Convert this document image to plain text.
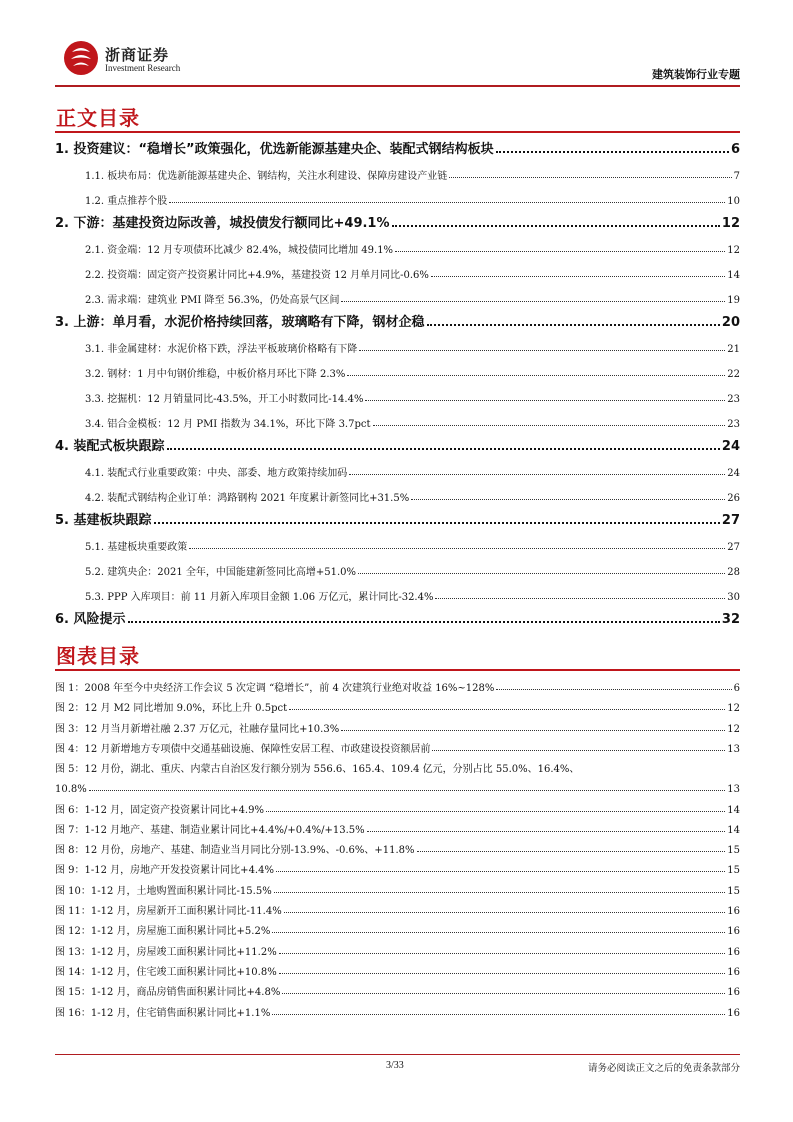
浙商证券
Investment Research	建筑装饰行业专题
正文目录
1. 投资建议：“稳增长”政策强化，优选新能源基建央企、装配式钢结构板块	6
1.1. 板块布局：优选新能源基建央企、钢结构，关注水利建设、保障房建设产业链	7
1.2. 重点推荐个股	10
2. 下游：基建投资边际改善，城投债发行额同比+49.1%	12
2.1. 资金端：12 月专项债环比减少 82.4%，城投债同比增加 49.1%	12
2.2. 投资端：固定资产投资累计同比+4.9%，基建投资 12 月单月同比-0.6%	14
2.3. 需求端：建筑业 PMI 降至 56.3%，仍处高景气区间	19
3. 上游：单月看，水泥价格持续回落，玻璃略有下降，钢材企稳	20
3.1. 非金属建材：水泥价格下跌，浮法平板玻璃价格略有下降	21
3.2. 钢材：1 月中旬钢价维稳，中板价格月环比下降 2.3%	22
3.3. 挖掘机：12 月销量同比-43.5%，开工小时数同比-14.4%	23
3.4. 铝合金模板：12 月 PMI 指数为 34.1%，环比下降 3.7pct	23
4. 装配式板块跟踪	24
4.1. 装配式行业重要政策：中央、部委、地方政策持续加码	24
4.2. 装配式钢结构企业订单：鸿路钢构 2021 年度累计新签同比+31.5%	26
5. 基建板块跟踪	27
5.1. 基建板块重要政策	27
5.2. 建筑央企：2021 全年，中国能建新签同比高增+51.0%	28
5.3. PPP 入库项目：前 11 月新入库项目金额 1.06 万亿元，累计同比-32.4%	30
6. 风险提示	32
图表目录
图 1：2008 年至今中央经济工作会议 5 次定调 “稳增长”，前 4 次建筑行业绝对收益 16%~128%	6
图 2：12 月 M2 同比增加 9.0%，环比上升 0.5pct	12
图 3：12 月当月新增社融 2.37 万亿元，社融存量同比+10.3%	12
图 4：12 月新增地方专项债中交通基础设施、保障性安居工程、市政建设投资额居前	13
图 5：12 月份，湖北、重庆、内蒙古自治区发行额分别为 556.6、165.4、109.4 亿元，分别占比 55.0%、16.4%、
10.8%	13
图 6：1-12 月，固定资产投资累计同比+4.9%	14
图 7：1-12 月地产、基建、制造业累计同比+4.4%/+0.4%/+13.5%	14
图 8：12 月份，房地产、基建、制造业当月同比分别-13.9%、-0.6%、+11.8%	15
图 9：1-12 月，房地产开发投资累计同比+4.4%	15
图 10：1-12 月，土地购置面积累计同比-15.5%	15
图 11：1-12 月，房屋新开工面积累计同比-11.4%	16
图 12：1-12 月，房屋施工面积累计同比+5.2%	16
图 13：1-12 月，房屋竣工面积累计同比+11.2%	16
图 14：1-12 月，住宅竣工面积累计同比+10.8%	16
图 15：1-12 月，商品房销售面积累计同比+4.8%	16
图 16：1-12 月，住宅销售面积累计同比+1.1%	16
3/33	请务必阅读正文之后的免责条款部分
